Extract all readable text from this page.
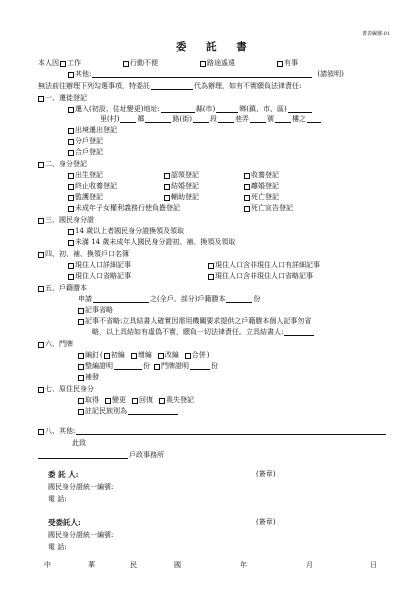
書表編號:01
委 託 書
本人因 工作	行動不便	路途遙遠	有事
其他:	(請敘明)
無法前往辦理下列勾選事項，特委託	代為辦理，如有不實願負法律責任:
一、遷徙登記
遷入(初設、住址變更)地址:	縣(市)	鄉(鎮、市、區)
里(村)	鄰	路(街)	段	巷弄	號	樓之
出境遷出登記
分戶登記
合戶登記
二、身分登記
出生登記	認領登記	收養登記
終止收養登記	結婚登記	離婚登記
監護登記	輔助登記	死亡登記
未成年子女權利義務行使負擔登記	死亡宣告登記
三、國民身分證
14 歲以上者國民身分證換領及領取
未滿 14 歲未成年人國民身分證初、補、換領及領取
四、初、補、換領戶口名簿
現住人口詳細記事	現住人口含非現住人口有詳細記事
現住人口省略記事	現住人口含非現住人口省略記事
五、戶籍謄本
申請	之(全戶、部分)戶籍謄本	份
記事省略
記事不省略:立具結書人確實因需用機關要求提供之戶籍謄本個人記事勿省
略，以上具結如有虛偽不實，願負一切法律責任。立具結書人:
六、門牌
編釘 ( 初編 增編 改編 合併 )
整編證明	份 門牌證明	份
補發
七、原住民身分
取得 變更 回復 喪失登記
註記民族別為
八、其他:
此致
戶政事務所
委 託 人:	(簽章)
國民身分證統一編號:
電 話:
受委託人:	(簽章)
國民身分證統一編號:
電 話:
中	華	民	國	年	月	日
